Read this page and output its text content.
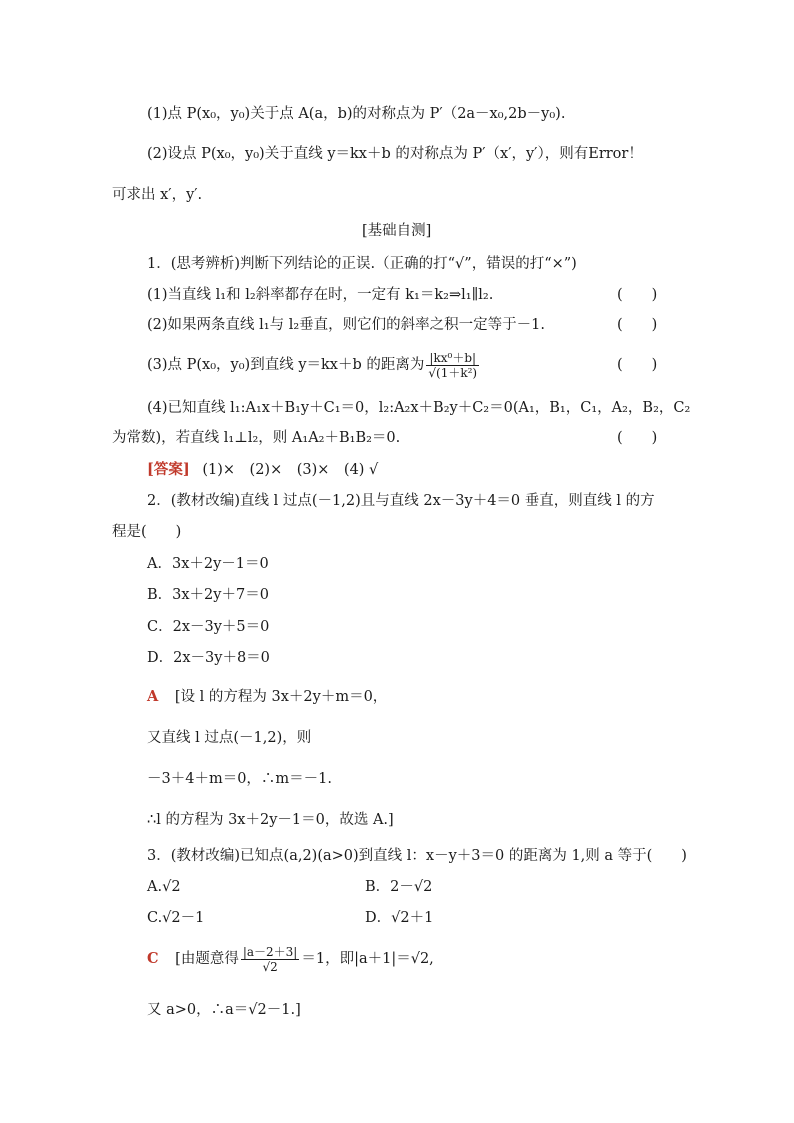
(1)点 P(x₀，y₀)关于点 A(a，b)的对称点为 P′（2a－x₀,2b－y₀).
(2)设点 P(x₀，y₀)关于直线 y＝kx＋b 的对称点为 P′（x′，y′），则有Error！
可求出 x′，y′.
[基础自测]
1．(思考辨析)判断下列结论的正误.（正确的打“√”，错误的打“×”)
(1)当直线 l₁和 l₂斜率都存在时，一定有 k₁＝k₂⇒l₁∥l₂.	(　　)
(2)如果两条直线 l₁与 l₂垂直，则它们的斜率之积一定等于－1.	(　　)
(3)点 P(x₀，y₀)到直线 y＝kx＋b 的距离为 $\frac{\text{|kx⁰＋b|}}{\text{√(1＋k²)}}$	(　　)
(4)已知直线 l₁:A₁x＋B₁y＋C₁＝0，l₂:A₂x＋B₂y＋C₂＝0(A₁，B₁，C₁，A₂，B₂，C₂
为常数)，若直线 l₁⊥l₂，则 A₁A₂＋B₁B₂＝0.	(　　)
[答案] (1)×　(2)×　(3)×　(4) √
2．(教材改编)直线 l 过点(－1,2)且与直线 2x－3y＋4＝0 垂直，则直线 l 的方
程是(　　)
A．3x＋2y－1＝0
B．3x＋2y＋7＝0
C．2x－3y＋5＝0
D．2x－3y＋8＝0
A [设 l 的方程为 3x＋2y＋m＝0，
又直线 l 过点(－1,2)，则
－3＋4＋m＝0，∴m＝－1.
∴l 的方程为 3x＋2y－1＝0，故选 A.]
3．(教材改编)已知点(a,2)(a>0)到直线 l：x－y＋3＝0 的距离为 1,则 a 等于(　　)
A.√2	B．2－√2
C.√2－1	D．√2＋1
C [由题意得 $\frac{|a-2+3|}{√2} =1$，即|a＋1|＝√2,
又 a>0，∴a＝√2－1.]
